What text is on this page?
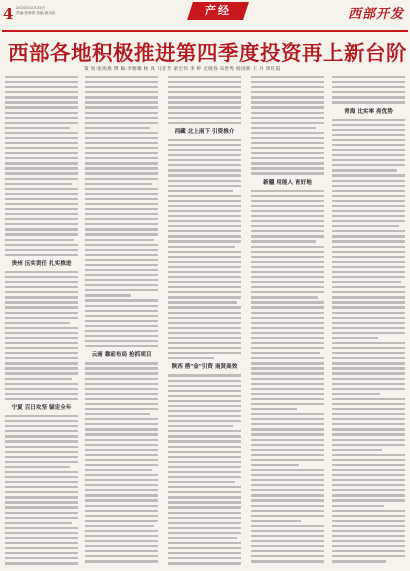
4 2024年10月25日
责编:张海燕 美编:唐冰彩	产经	西部开发
西部各地积极推进第四季度投资再上新台阶
策 划:张海燕 撰 稿:李雅娜 杨 真 马亚芳 蒙宏伟 李 婷 尤晓春 布世秀 杨国新 王 丹 周红霞
贵州 压实责任 扎实推进
宁夏 百日攻坚 锚定全年
云南 靠前布局 抢抓项目
西藏 北上南下 引资推介
陕西 搭"金"引资 南贤高效
新疆 用能人 育好地
青海 比实率 亮优势
